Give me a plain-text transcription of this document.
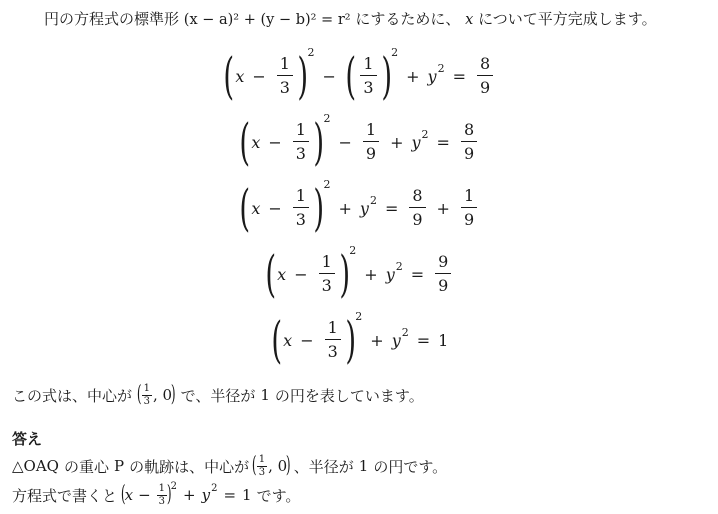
円の方程式の標準形 (x − a)² + (y − b)² = r² にするために、 x について平方完成します。
( $x - \frac{1}{3}$ ) 2
− ( $\frac{1}{3}$ ) 2
+ y $2 = \frac{8}{9}$
( $x - \frac{1}{3}$ ) 2
− $\frac{1}{9} + y$ $2 = \frac{8}{9}$
( $x - \frac{1}{3}$ ) 2
+ y $2 = \frac{8}{9} + \frac{1}{9}$
( $x - \frac{1}{3}$ ) 2
+ y $2 = \frac{9}{9}$
( $x - \frac{1}{3}$ ) 2
+ y 2 = 1
この式は、中心が ( $\frac{1}{3}$ , 0
) で、半径が 1 の円を表しています。
答え
△OAQ の重心 P の軌跡は、中心が ( $\frac{1}{3}$ , 0
) 、半径が 1 の円です。
方程式で書くと (
$x - \frac{1}{3}$ )
2 + y 2 = 1 です。
